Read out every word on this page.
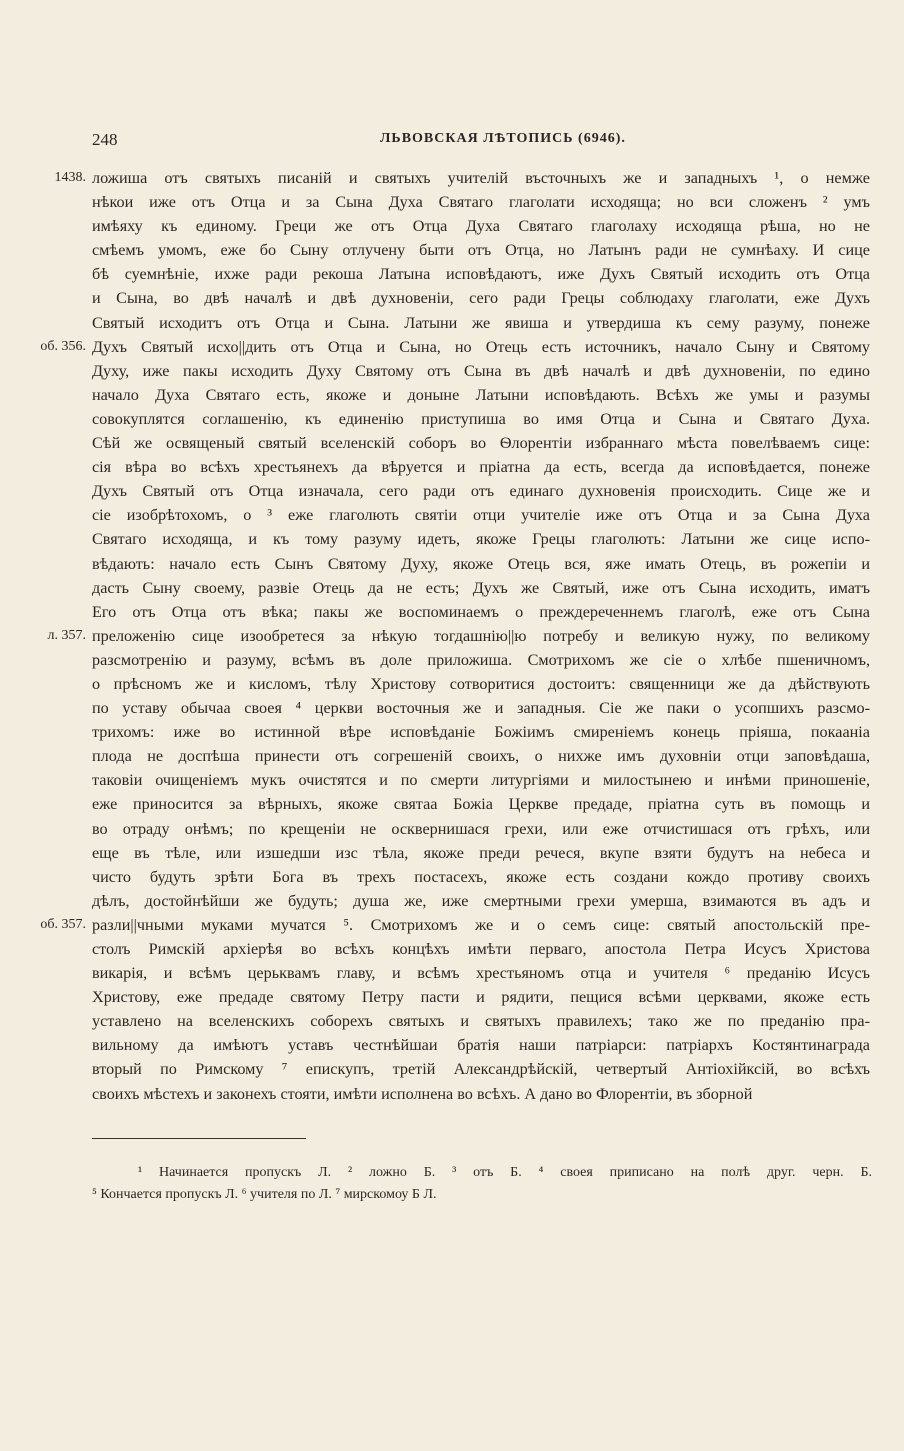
248	ЛЬВОВСКАЯ ЛѢТОПИСЬ (6946).
1438. ложиша отъ святыхъ писаній и святыхъ учителій въсточныхъ же и западныхъ ¹, о немже
нѣкои иже отъ Отца и за Сына Духа Святаго глаголати исходяща; но вси сложенъ ² умъ
имѣяху къ единому. Греци же отъ Отца Духа Святаго глаголаху исходяща рѣша, но не
смѣемъ умомъ, еже бо Сыну отлучену быти отъ Отца, но Латынъ ради не сумнѣаху. И сице
бѣ суемнѣніе, ихже ради рекоша Латына исповѣдаютъ, иже Духъ Святый исходить отъ Отца
и Сына, во двѣ началѣ и двѣ духновеніи, сего ради Грецы соблюдаху глаголати, еже Духъ
Святый исходитъ отъ Отца и Сына. Латыни же явиша и утвердиша къ сему разуму, понеже
об. 356. Духъ Святый исхо||дить отъ Отца и Сына, но Отець есть источникъ, начало Сыну и Святому
Духу, иже пакы исходить Духу Святому отъ Сына въ двѣ началѣ и двѣ духновеніи, по едино
начало Духа Святаго есть, якоже и доныне Латыни исповѣдають. Всѣхъ же умы и разумы
совокуплятся соглашенію, къ единенію приступиша во имя Отца и Сына и Святаго Духа.
Сѣй же освященый святый вселенскій соборъ во Ѳлорентіи избраннаго мѣста повелѣваемъ сице:
сія вѣра во всѣхъ хрестьянехъ да вѣруется и пріатна да есть, всегда да исповѣдается, понеже
Духъ Святый отъ Отца изначала, сего ради отъ единаго духновенія происходить. Сице же и
сіе изобрѣтохомъ, о ³ еже глаголють святіи отци учителіе иже отъ Отца и за Сына Духа
Святаго исходяща, и къ тому разуму идеть, якоже Грецы глаголють: Латыни же сице испо-
вѣдають: начало есть Сынъ Святому Духу, якоже Отець вся, яже имать Отець, въ рожепіи и
дасть Сыну своему, развіе Отець да не есть; Духъ же Святый, иже отъ Сына исходить, иматъ
Его отъ Отца отъ вѣка; пакы же воспоминаемъ о преждереченнемъ глаголѣ, еже отъ Сына
л. 357. преложенію сице изообретеся за нѣкую тогдашнію||ю потребу и великую нужу, по великому
разсмотренію и разуму, всѣмъ въ доле приложиша. Смотрихомъ же сіе о хлѣбе пшеничномъ,
о прѣсномъ же и кисломъ, тѣлу Христову сотворитися достоитъ: священници же да дѣйствують
по уставу обычаа своея ⁴ церкви восточныя же и западныя. Сіе же паки о усопшихъ разсмо-
трихомъ: иже во истинной вѣре исповѣданіе Божіимъ смиреніемъ конець пріяша, покааніа
плода не доспѣша принести отъ согрешеній своихъ, о нихже имъ духовніи отци заповѣдаша,
таковіи очищеніемъ мукъ очистятся и по смерти литургіями и милостынею и инѣми приношеніе,
еже приносится за вѣрныхъ, якоже святаа Божіа Церкве предаде, пріатна суть въ помощь и
во отраду онѣмъ; по крещеніи не осквернишася грехи, или еже отчистишася отъ грѣхъ, или
еще въ тѣле, или изшедши изс тѣла, якоже преди речеся, вкупе взяти будутъ на небеса и
чисто будуть зрѣти Бога въ трехъ постасехъ, якоже есть создани кождо противу своихъ
дѣлъ, достойнѣйши же будуть; душа же, иже смертными грехи умерша, взимаются въ адъ и
об. 357. разли||чными муками мучатся ⁵. Смотрихомъ же и о семъ сице: святый апостольскій пре-
столъ Римскій архіерѣя во всѣхъ концѣхъ имѣти перваго, апостола Петра Исусъ Христова
викарія, и всѣмъ церьквамъ главу, и всѣмъ хрестьяномъ отца и учителя ⁶ преданію Исусъ
Христову, еже предаде святому Петру пасти и рядити, пещися всѣми церквами, якоже есть
уставлено на вселенскихъ соборехъ святыхъ и святыхъ правилехъ; тако же по преданію пра-
вильному да имѣютъ уставъ честнѣйшаи братія наши патріарси: патріархъ Костянтинаграда
вторый по Римскому ⁷ епискупъ, третій Александрѣйскій, четвертый Антіохійксій, во всѣхъ
своихъ мѣстехъ и законехъ стояти, имѣти исполнена во всѣхъ. А дано во Флорентіи, въ зборной
¹ Начинается пропускъ Л. ² ложно Б. ³ отъ Б. ⁴ своея приписано на полѣ друг. черн. Б.
⁵ Кончается пропускъ Л. ⁶ учителя по Л. ⁷ мирскомоу Б Л.
